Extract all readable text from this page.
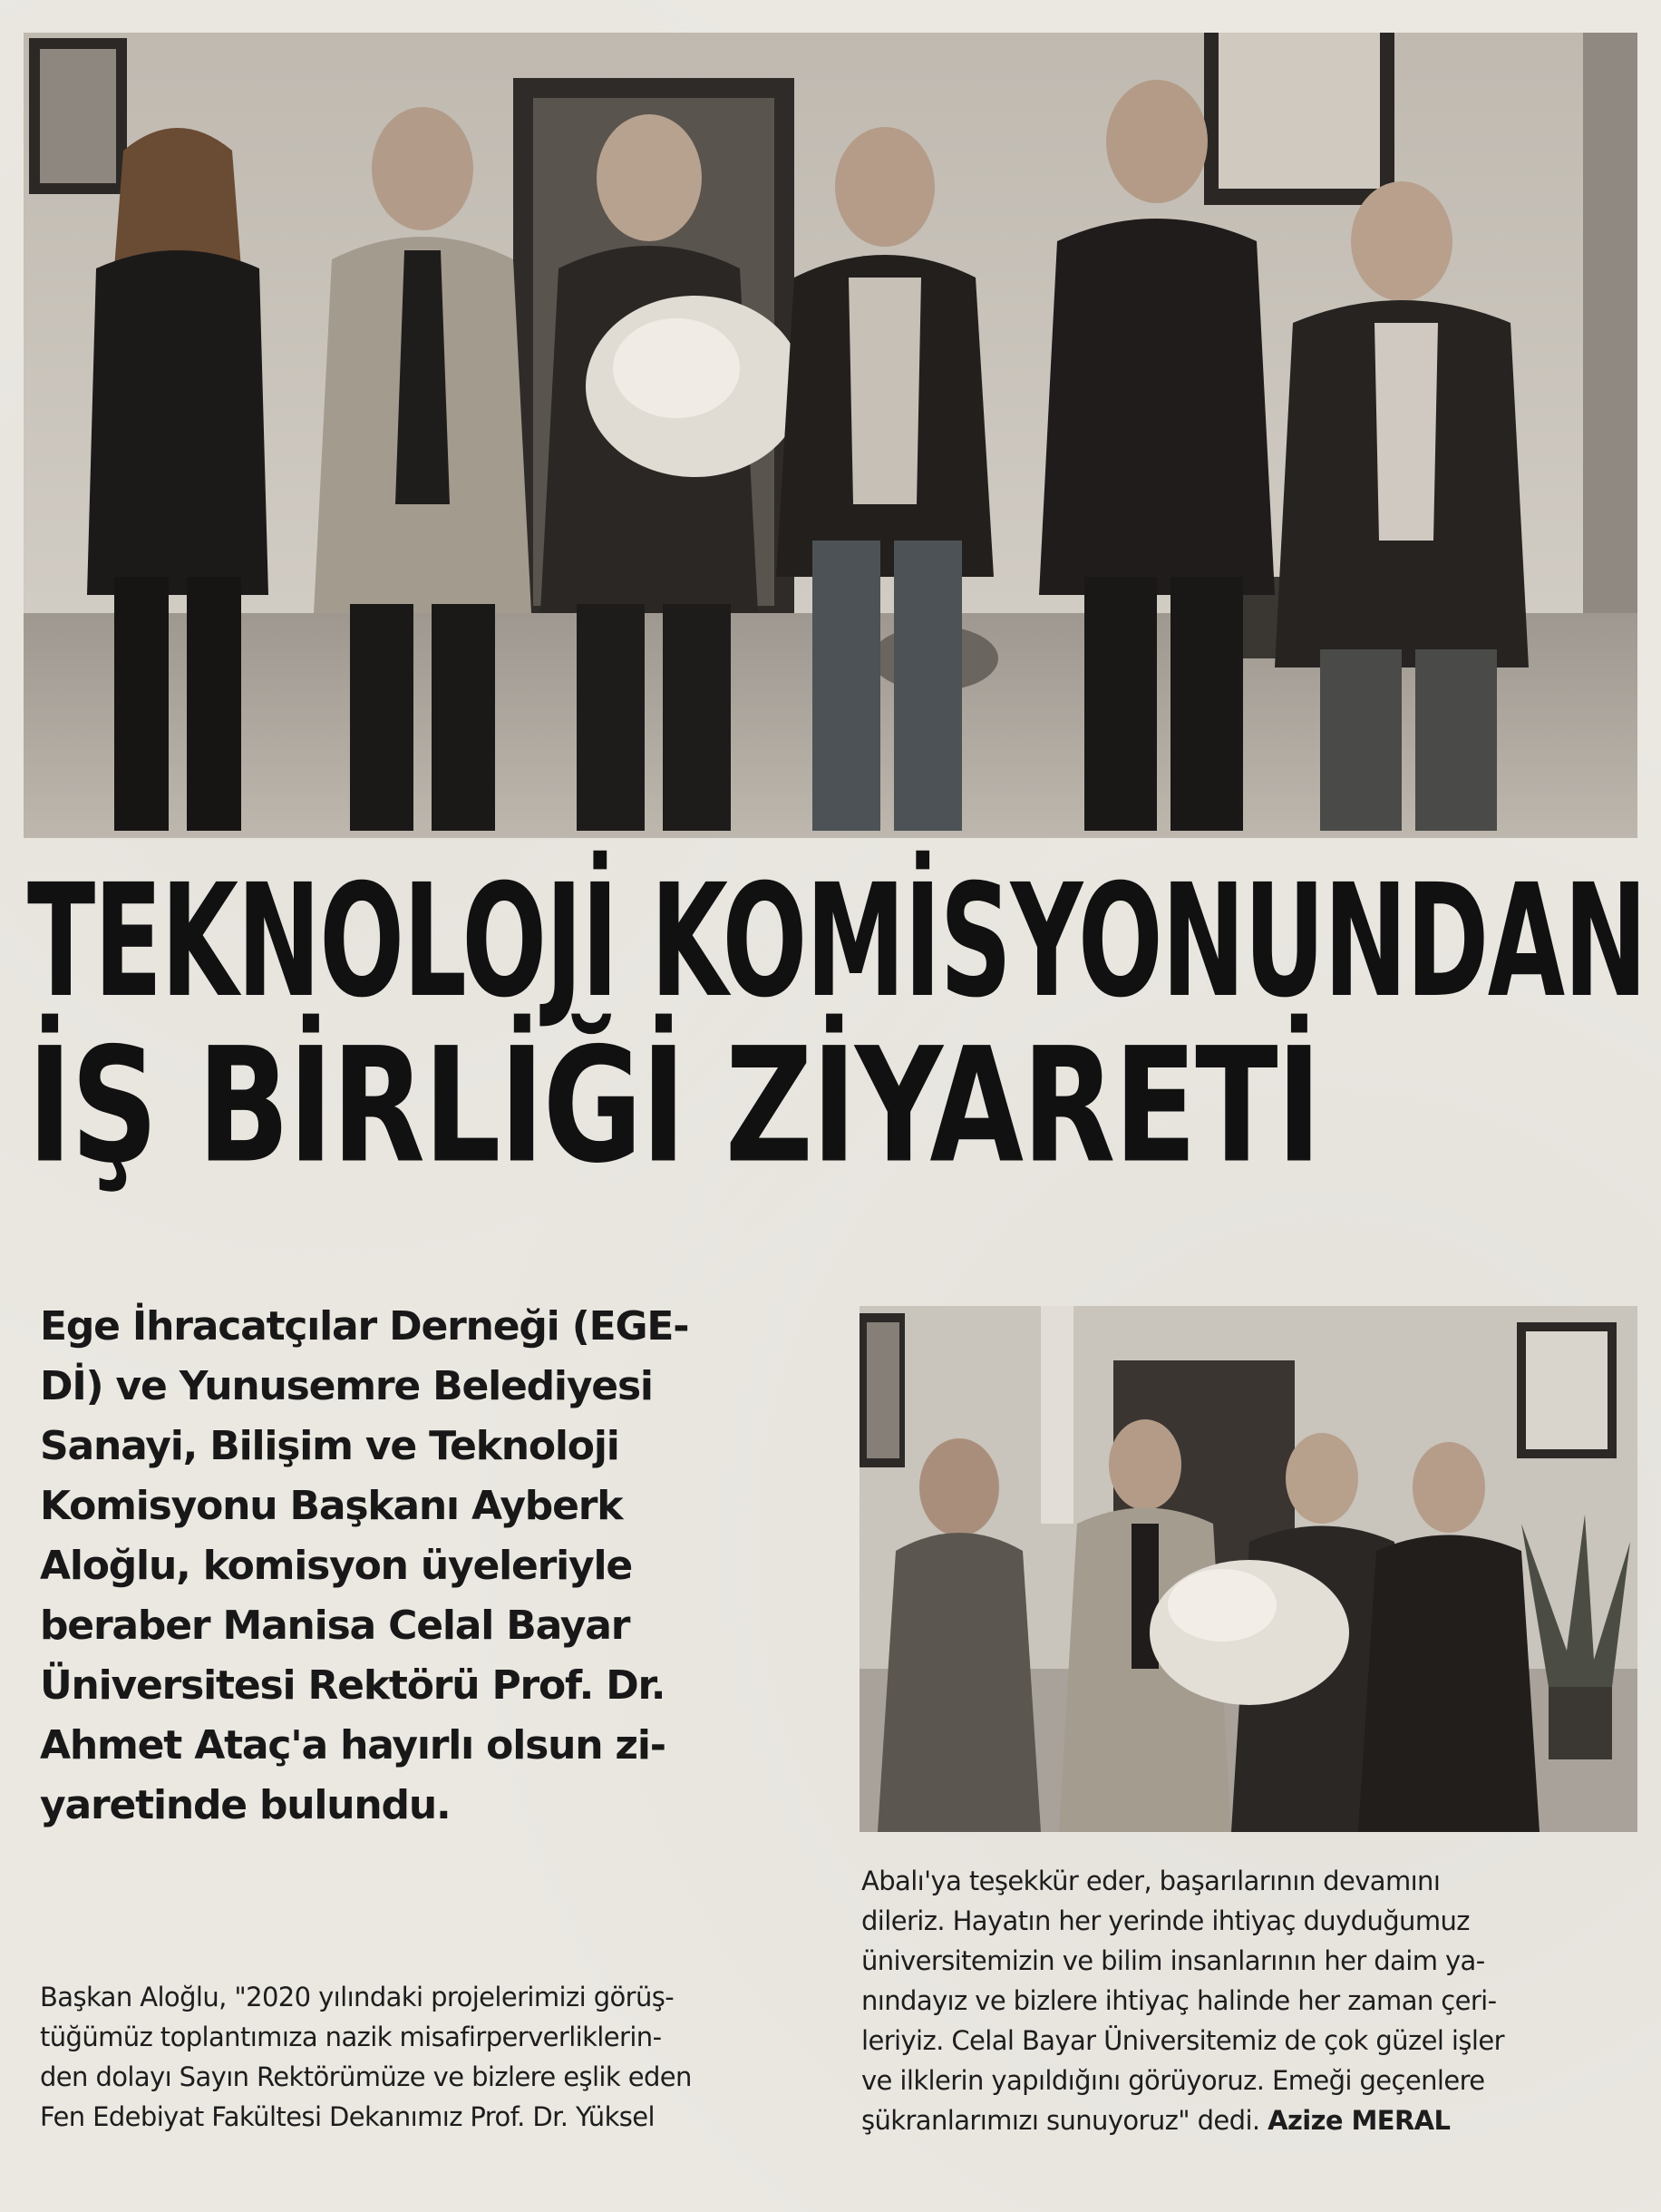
TEKNOLOJİ KOMİSYONUNDAN
İŞ BİRLİĞİ ZİYARETİ
Ege İhracatçılar Derneği (EGE-
Dİ) ve Yunusemre Belediyesi
Sanayi, Bilişim ve Teknoloji
Komisyonu Başkanı Ayberk
Aloğlu, komisyon üyeleriyle
beraber Manisa Celal Bayar
Üniversitesi Rektörü Prof. Dr.
Ahmet Ataç'a hayırlı olsun zi-
yaretinde bulundu.
Başkan Aloğlu, "2020 yılındaki projelerimizi görüş-
tüğümüz toplantımıza nazik misafirperverliklerin-
den dolayı Sayın Rektörümüze ve bizlere eşlik eden
Fen Edebiyat Fakültesi Dekanımız Prof. Dr. Yüksel
Abalı'ya teşekkür eder, başarılarının devamını
dileriz. Hayatın her yerinde ihtiyaç duyduğumuz
üniversitemizin ve bilim insanlarının her daim ya-
nındayız ve bizlere ihtiyaç halinde her zaman çeri-
leriyiz. Celal Bayar Üniversitemiz de çok güzel işler
ve ilklerin yapıldığını görüyoruz. Emeği geçenlere
şükranlarımızı sunuyoruz" dedi. Azize MERAL
